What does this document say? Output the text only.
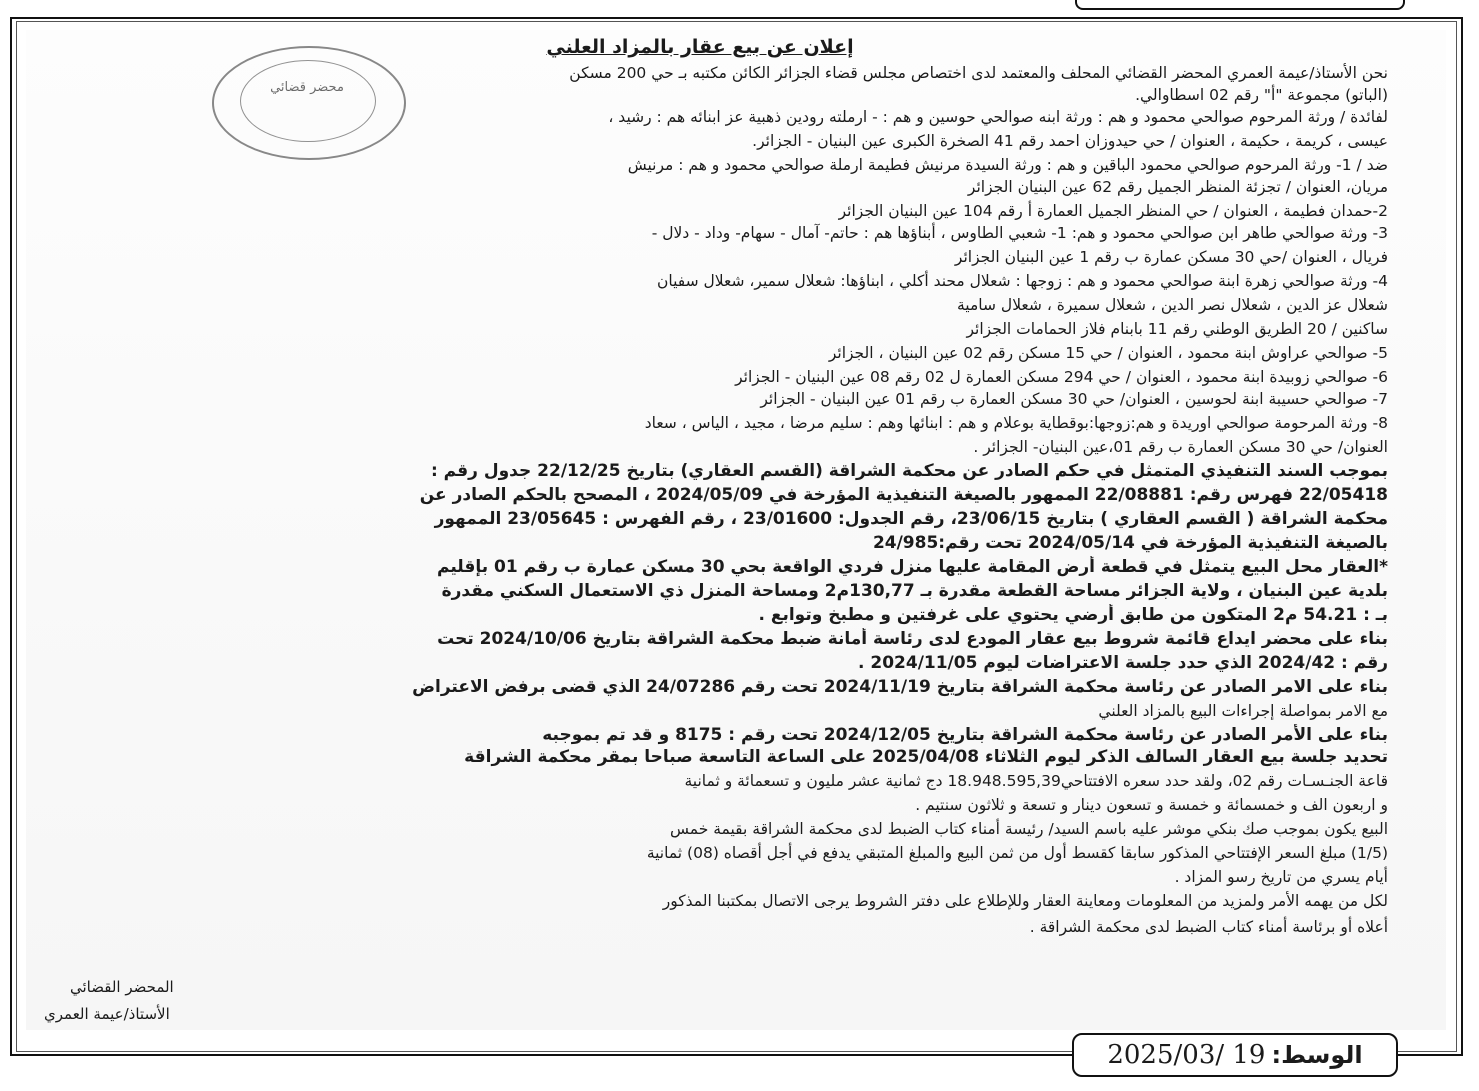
إعلان عن بيع عقار بالمزاد العلني
محضر قضائي
نحن الأستاذ/عيمة العمري المحضر القضائي المحلف والمعتمد لدى اختصاص مجلس قضاء الجزائر الكائن مكتبه بـ حي 200 مسكن
(الباتو) مجموعة "أ" رقم 02 اسطاوالي.
لفائدة / ورثة المرحوم صوالحي محمود و هم : ورثة ابنه صوالحي حوسين و هم : - ارملته رودين ذهبية عز ابنائه هم : رشيد ،
عيسى ، كريمة ، حكيمة ، العنوان / حي حيدوزان احمد رقم 41 الصخرة الكبرى عين البنيان - الجزائر.
ضد / 1- ورثة المرحوم صوالحي محمود الباقين و هم : ورثة السيدة مرنيش فطيمة ارملة صوالحي محمود و هم : مرنيش
مريان، العنوان / تجزئة المنظر الجميل رقم 62 عين البنيان الجزائر
2-حمدان فطيمة ، العنوان / حي المنظر الجميل العمارة أ رقم 104 عين البنيان الجزائر
3- ورثة صوالحي طاهر ابن صوالحي محمود و هم: 1- شعبي الطاوس ، أبناؤها هم : حاتم- آمال - سهام- وداد - دلال -
فريال ، العنوان /حي 30 مسكن عمارة ب رقم 1 عين البنيان الجزائر
4- ورثة صوالحي زهرة ابنة صوالحي محمود و هم : زوجها : شعلال محند أكلي ، ابناؤها: شعلال سمير، شعلال سفيان
شعلال عز الدين ، شعلال نصر الدين ، شعلال سميرة ، شعلال سامية
ساكنين / 20 الطريق الوطني رقم 11 بابنام فلاز الحمامات الجزائر
5- صوالحي عراوش ابنة محمود ، العنوان / حي 15 مسكن رقم 02 عين البنيان ، الجزائر
6- صوالحي زوبيدة ابنة محمود ، العنوان / حي 294 مسكن العمارة ل 02 رقم 08 عين البنيان - الجزائر
7- صوالحي حسيبة ابنة لحوسين ، العنوان/ حي 30 مسكن العمارة ب رقم 01 عين البنيان - الجزائر
8- ورثة المرحومة صوالحي اوريدة و هم:زوجها:بوقطاية بوعلام و هم : ابنائها وهم : سليم مرضا ، مجيد ، الياس ، سعاد
العنوان/ حي 30 مسكن العمارة ب رقم 01،عين البنيان- الجزائر .
بموجب السند التنفيذي المتمثل في حكم الصادر عن محكمة الشراقة (القسم العقاري) بتاريخ 22/12/25 جدول رقم :
22/05418 فهرس رقم: 22/08881 الممهور بالصيغة التنفيذية المؤرخة في 2024/05/09 ، المصحح بالحكم الصادر عن
محكمة الشراقة ( القسم العقاري ) بتاريخ 23/06/15، رقم الجدول: 23/01600 ، رقم الفهرس : 23/05645 الممهور
بالصيغة التنفيذية المؤرخة في 2024/05/14 تحت رقم:24/985
*العقار محل البيع يتمثل في قطعة أرض المقامة عليها منزل فردي الواقعة بحي 30 مسكن عمارة ب رقم 01 بإقليم
بلدية عين البنيان ، ولاية الجزائر مساحة القطعة مقدرة بـ 130,77م2 ومساحة المنزل ذي الاستعمال السكني مقدرة
بـ : 54.21 م2 المتكون من طابق أرضي يحتوي على غرفتين و مطبخ وتوابع .
بناء على محضر ايداع قائمة شروط بيع عقار المودع لدى رئاسة أمانة ضبط محكمة الشراقة بتاريخ 2024/10/06 تحت
رقم : 2024/42 الذي حدد جلسة الاعتراضات ليوم 2024/11/05 .
بناء على الامر الصادر عن رئاسة محكمة الشراقة بتاريخ 2024/11/19 تحت رقم 24/07286 الذي قضى برفض الاعتراض
مع الامر بمواصلة إجراءات البيع بالمزاد العلني
بناء على الأمر الصادر عن رئاسة محكمة الشراقة بتاريخ 2024/12/05 تحت رقم : 8175 و قد تم بموجبه
تحديد جلسة بيع العقار السالف الذكر ليوم الثلاثاء 2025/04/08 على الساعة التاسعة صباحا بمقر محكمة الشراقة
قاعة الجنـسـات رقم 02، ولقد حدد سعره الافتتاحي18.948.595,39 دج ثمانية عشر مليون و تسعمائة و ثمانية
و اربعون الف و خمسمائة و خمسة و تسعون دينار و تسعة و ثلاثون سنتيم .
البيع يكون بموجب صك بنكي موشر عليه باسم السيد/ رئيسة أمناء كتاب الضبط لدى محكمة الشراقة بقيمة خمس
(1/5) مبلغ السعر الإفتتاحي المذكور سابقا كقسط أول من ثمن البيع والمبلغ المتبقي يدفع في أجل أقصاه (08) ثمانية
أيام يسري من تاريخ رسو المزاد .
لكل من يهمه الأمر ولمزيد من المعلومات ومعاينة العقار وللإطلاع على دفتر الشروط يرجى الاتصال بمكتبنا المذكور
أعلاه أو برئاسة أمناء كتاب الضبط لدى محكمة الشراقة .
المحضر القضائي
الأستاذ/عيمة العمري
الوسط:
2025/03/ 19
